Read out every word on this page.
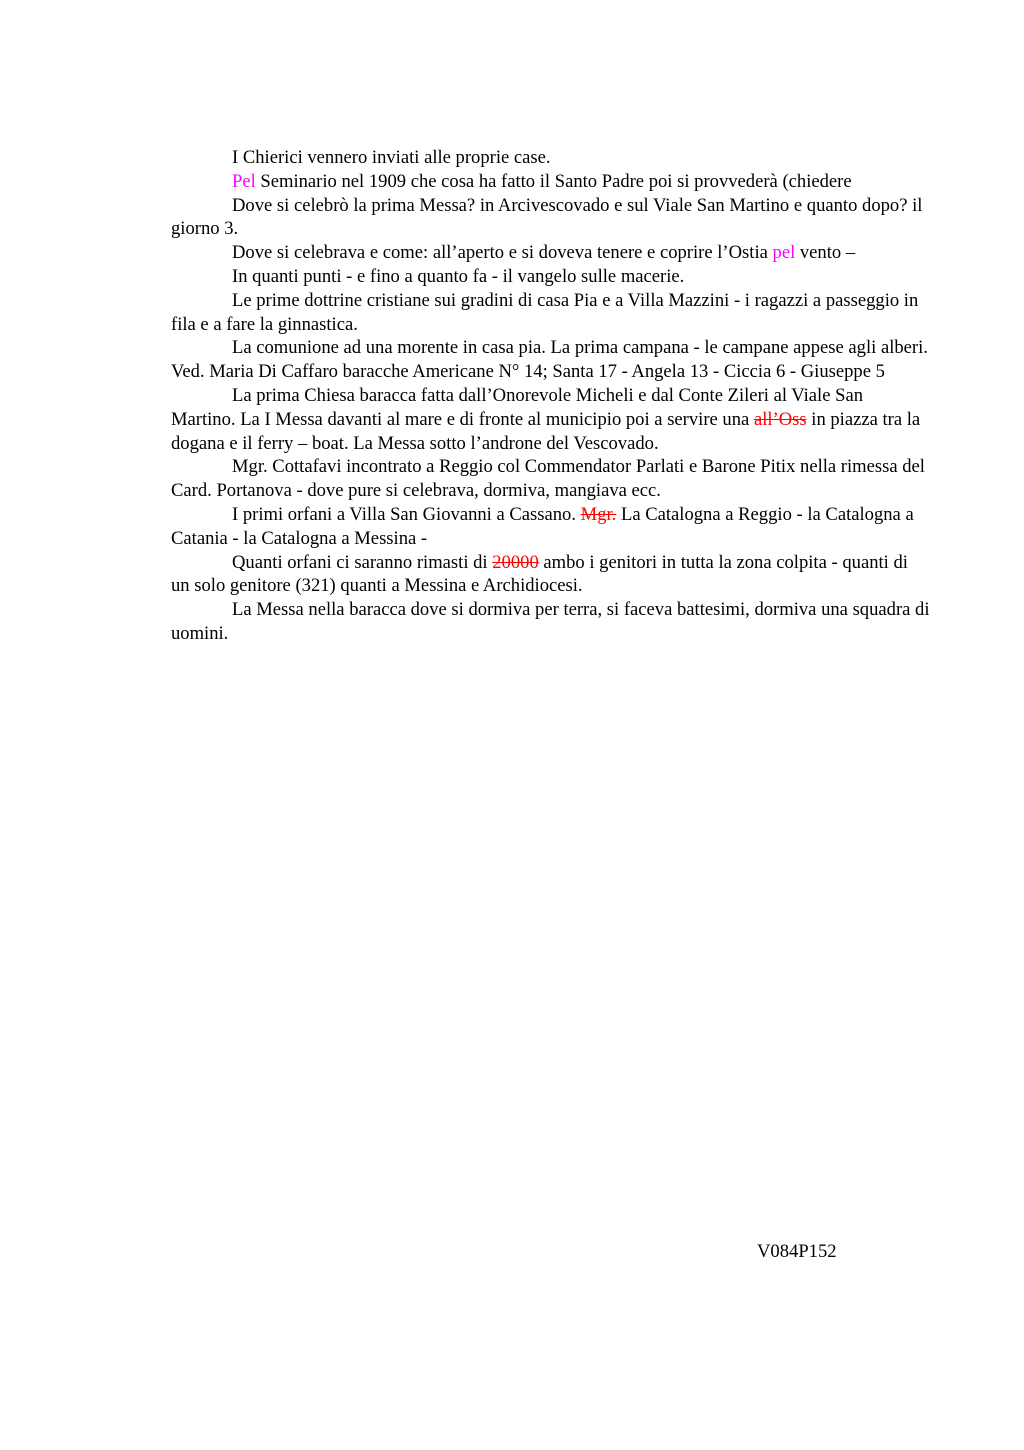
I Chierici vennero inviati alle proprie case.

Pel Seminario nel 1909 che cosa ha fatto il Santo Padre poi si provvederà (chiedere

Dove si celebrò la prima Messa? in Arcivescovado e sul Viale San Martino e quanto dopo? il giorno 3.

Dove si celebrava e come: all’aperto e si doveva tenere e coprire l’Ostia pel vento –

In quanti punti - e fino a quanto fa - il vangelo sulle macerie.

Le prime dottrine cristiane sui gradini di casa Pia e a Villa Mazzini - i ragazzi a passeggio in fila e a fare la ginnastica.

La comunione ad una morente in casa pia. La prima campana - le campane appese agli alberi. Ved. Maria Di Caffaro baracche Americane N° 14; Santa 17 - Angela 13 - Ciccia 6 - Giuseppe 5

La prima Chiesa baracca fatta dall’Onorevole Micheli e dal Conte Zileri al Viale San Martino. La I Messa davanti al mare e di fronte al municipio poi a servire una all’Oss in piazza tra la dogana e il ferry – boat. La Messa sotto l’androne del Vescovado.

Mgr. Cottafavi incontrato a Reggio col Commendator Parlati e Barone Pitix nella rimessa del Card. Portanova - dove pure si celebrava, dormiva, mangiava ecc.

I primi orfani a Villa San Giovanni a Cassano. Mgr. La Catalogna a Reggio - la Catalogna a Catania - la Catalogna a Messina -

Quanti orfani ci saranno rimasti di 20000 ambo i genitori in tutta la zona colpita - quanti di un solo genitore (321) quanti a Messina e Archidiocesi.

La Messa nella baracca dove si dormiva per terra, si faceva battesimi, dormiva una squadra di uomini.

V084P152
